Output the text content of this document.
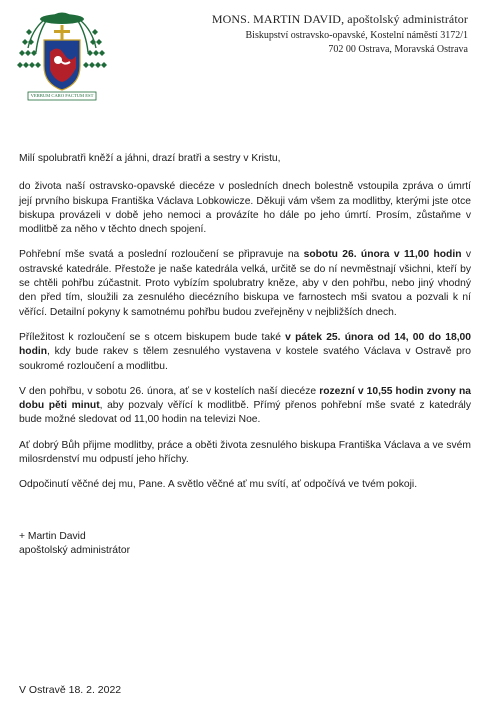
VERBUM CARO FACTUM EST
MONS. MARTIN DAVID, apoštolský administrátor
Biskupství ostravsko-opavské, Kostelní náměstí 3172/1
702 00 Ostrava, Moravská Ostrava

Milí spolubratři kněží a jáhni, drazí bratři a sestry v Kristu,

do života naší ostravsko-opavské diecéze v posledních dnech bolestně vstoupila zpráva o úmrtí její prvního biskupa Františka Václava Lobkowicze. Děkuji vám všem za modlitby, kterými jste otce biskupa provázeli v době jeho nemoci a provázíte ho dále po jeho úmrtí. Prosím, zůstaňme v modlitbě za něho v těchto dnech spojení.

Pohřební mše svatá a poslední rozloučení se připravuje na sobotu 26. února v 11,00 hodin v ostravské katedrále. Přestože je naše katedrála velká, určitě se do ní nevměstnají všichni, kteří by se chtěli pohřbu zúčastnit. Proto vybízím spolubratry kněze, aby v den pohřbu, nebo jiný vhodný den před tím, sloužili za zesnulého diecézního biskupa ve farnostech mši svatou a pozvali k ní věřící. Detailní pokyny k samotnému pohřbu budou zveřejněny v nejbližších dnech.

Příležitost k rozloučení se s otcem biskupem bude také v pátek 25. února od 14, 00 do 18,00 hodin, kdy bude rakev s tělem zesnulého vystavena v kostele svatého Václava v Ostravě pro soukromé rozloučení a modlitbu.

V den pohřbu, v sobotu 26. února, ať se v kostelích naší diecéze rozezní v 10,55 hodin zvony na dobu pěti minut, aby pozvaly věřící k modlitbě. Přímý přenos pohřební mše svaté z katedrály bude možné sledovat od 11,00 hodin na televizi Noe.

Ať dobrý Bůh přijme modlitby, práce a oběti života zesnulého biskupa Františka Václava a ve svém milosrdenství mu odpustí jeho hříchy.

Odpočinutí věčné dej mu, Pane. A světlo věčné ať mu svítí, ať odpočívá ve tvém pokoji.

+ Martin David
apoštolský administrátor
V Ostravě 18. 2. 2022
